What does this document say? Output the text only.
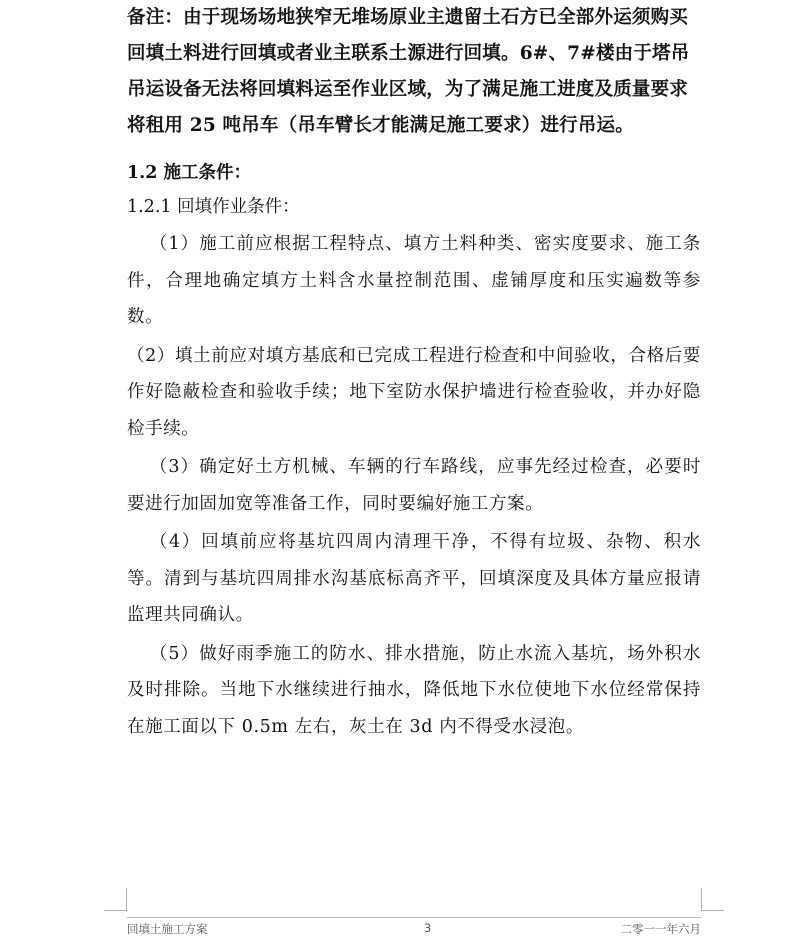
备注：由于现场场地狭窄无堆场原业主遗留土石方已全部外运须购买回填土料进行回填或者业主联系土源进行回填。6#、7#楼由于塔吊吊运设备无法将回填料运至作业区域，为了满足施工进度及质量要求将租用 25 吨吊车（吊车臂长才能满足施工要求）进行吊运。

1.2 施工条件：

1.2.1 回填作业条件：

（1）施工前应根据工程特点、填方土料种类、密实度要求、施工条件，合理地确定填方土料含水量控制范围、虚铺厚度和压实遍数等参数。

（2）填土前应对填方基底和已完成工程进行检查和中间验收，合格后要作好隐蔽检查和验收手续；地下室防水保护墙进行检查验收，并办好隐检手续。

（3）确定好土方机械、车辆的行车路线，应事先经过检查，必要时要进行加固加宽等准备工作，同时要编好施工方案。

（4）回填前应将基坑四周内清理干净，不得有垃圾、杂物、积水等。清到与基坑四周排水沟基底标高齐平，回填深度及具体方量应报请监理共同确认。

（5）做好雨季施工的防水、排水措施，防止水流入基坑，场外积水及时排除。当地下水继续进行抽水，降低地下水位使地下水位经常保持在施工面以下 0.5m 左右，灰土在 3d 内不得受水浸泡。

回填土施工方案	3	二零一一年六月
